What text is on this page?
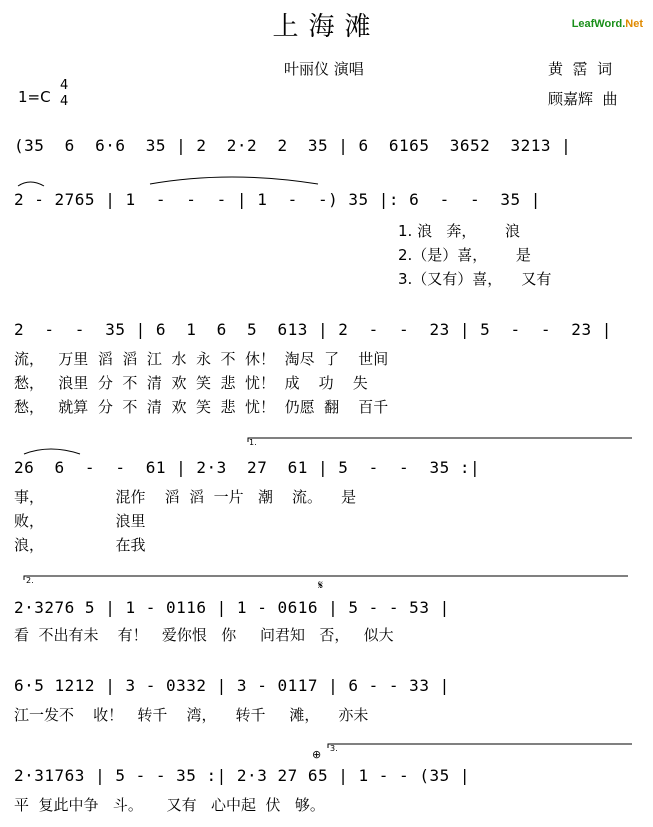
LeafWord.Net

上海滩
叶丽仪 演唱	黄  霑  词
顾嘉辉  曲
1=C
4
4
(35  6  6·6  35 | 2  2·2  2  35 | 6  6165  3652  3213 |
2 - 2765 | 1  -  -  - | 1  -  -) 35 |: 6  -  -  35 |
1. 浪   奔，      浪
2.（是）喜，      是
3.（又有）喜，    又有
2  -  -  35 | 6  1  6  5  613 | 2  -  -  23 | 5  -  -  23 |
流，   万里  滔  滔  江  水  永  不  休！  淘尽  了    世间
愁，   浪里  分  不  清  欢  笑  悲  忧！  成    功    失
愁，   就算  分  不  清  欢  笑  悲  忧！  仍愿  翻    百千
1.
26  6  -  -  61 | 2·3  27  61 | 5  -  -  35 :|
事，               混作    滔  滔  一片   潮    流。    是
败，               浪里
浪，               在我
2.	𝄋
2·3276 5 | 1 - 0116 | 1 - 0616 | 5 - - 53 |
看  不出有未    有！   爱你恨   你     问君知   否，   似大
6·5 1212 | 3 - 0332 | 3 - 0117 | 6 - - 33 |
江一发不    收！   转千    湾，    转千     滩，    亦未
⊕ 3.
2·31763 | 5 - - 35 :| 2·3 27 65 | 1 - - (35 |
平  复此中争   斗。     又有   心中起  伏   够。
